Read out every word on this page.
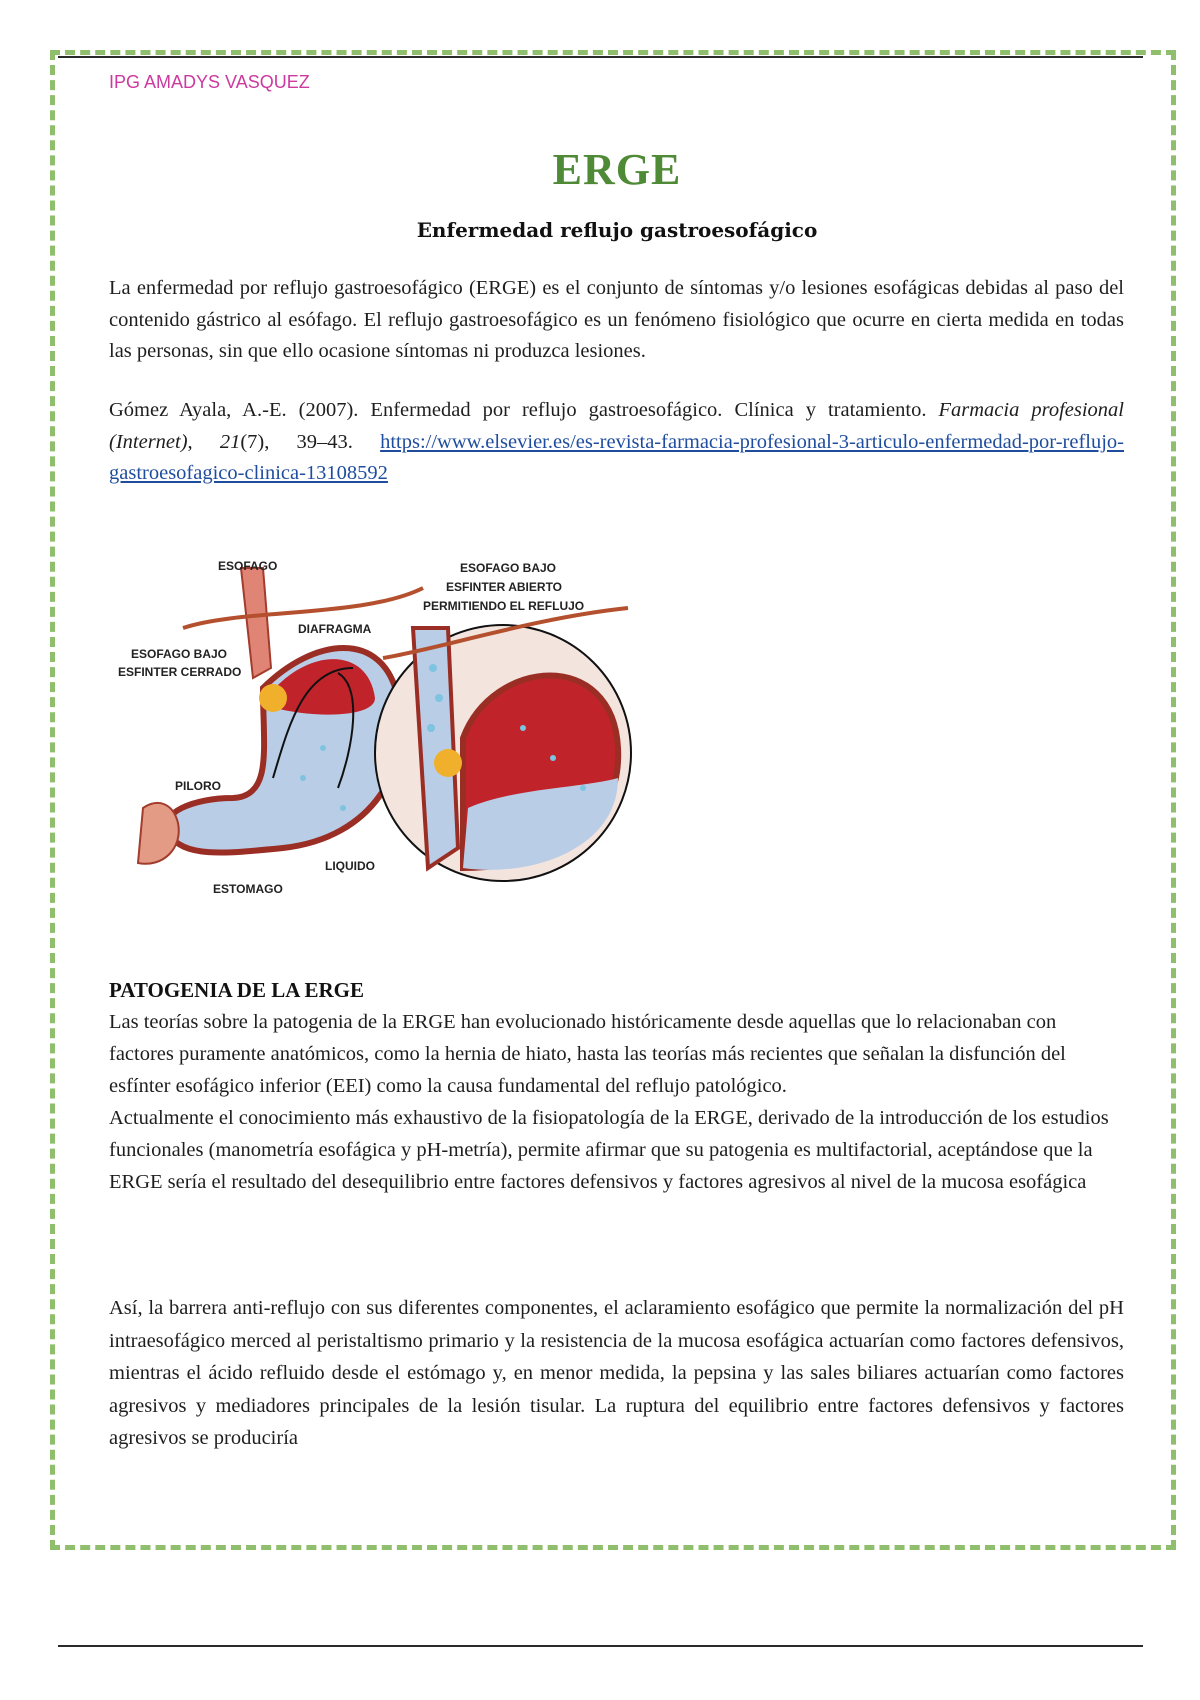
IPG AMADYS VASQUEZ
ERGE
Enfermedad reflujo gastroesofágico
La enfermedad por reflujo gastroesofágico (ERGE) es el conjunto de síntomas y/o lesiones esofágicas debidas al paso del contenido gástrico al esófago. El reflujo gastroesofágico es un fenómeno fisiológico que ocurre en cierta medida en todas las personas, sin que ello ocasione síntomas ni produzca lesiones.
Gómez Ayala, A.-E. (2007). Enfermedad por reflujo gastroesofágico. Clínica y tratamiento. Farmacia profesional (Internet), 21(7), 39–43. https://www.elsevier.es/es-revista-farmacia-profesional-3-articulo-enfermedad-por-reflujo-gastroesofagico-clinica-13108592
ESOFAGO
DIAFRAGMA
ESOFAGO BAJO
ESFINTER CERRADO
ESOFAGO BAJO
ESFINTER ABIERTO
PERMITIENDO EL REFLUJO
PILORO
LIQUIDO
ESTOMAGO
PATOGENIA DE LA ERGE
Las teorías sobre la patogenia de la ERGE han evolucionado históricamente desde aquellas que lo relacionaban con factores puramente anatómicos, como la hernia de hiato, hasta las teorías más recientes que señalan la disfunción del esfínter esofágico inferior (EEI) como la causa fundamental del reflujo patológico.
Actualmente el conocimiento más exhaustivo de la fisiopatología de la ERGE, derivado de la introducción de los estudios funcionales (manometría esofágica y pH-metría), permite afirmar que su patogenia es multifactorial, aceptándose que la ERGE sería el resultado del desequilibrio entre factores defensivos y factores agresivos al nivel de la mucosa esofágica
Así, la barrera anti-reflujo con sus diferentes componentes, el aclaramiento esofágico que permite la normalización del pH intraesofágico merced al peristaltismo primario y la resistencia de la mucosa esofágica actuarían como factores defensivos, mientras el ácido refluido desde el estómago y, en menor medida, la pepsina y las sales biliares actuarían como factores agresivos y mediadores principales de la lesión tisular. La ruptura del equilibrio entre factores defensivos y factores agresivos se produciría
